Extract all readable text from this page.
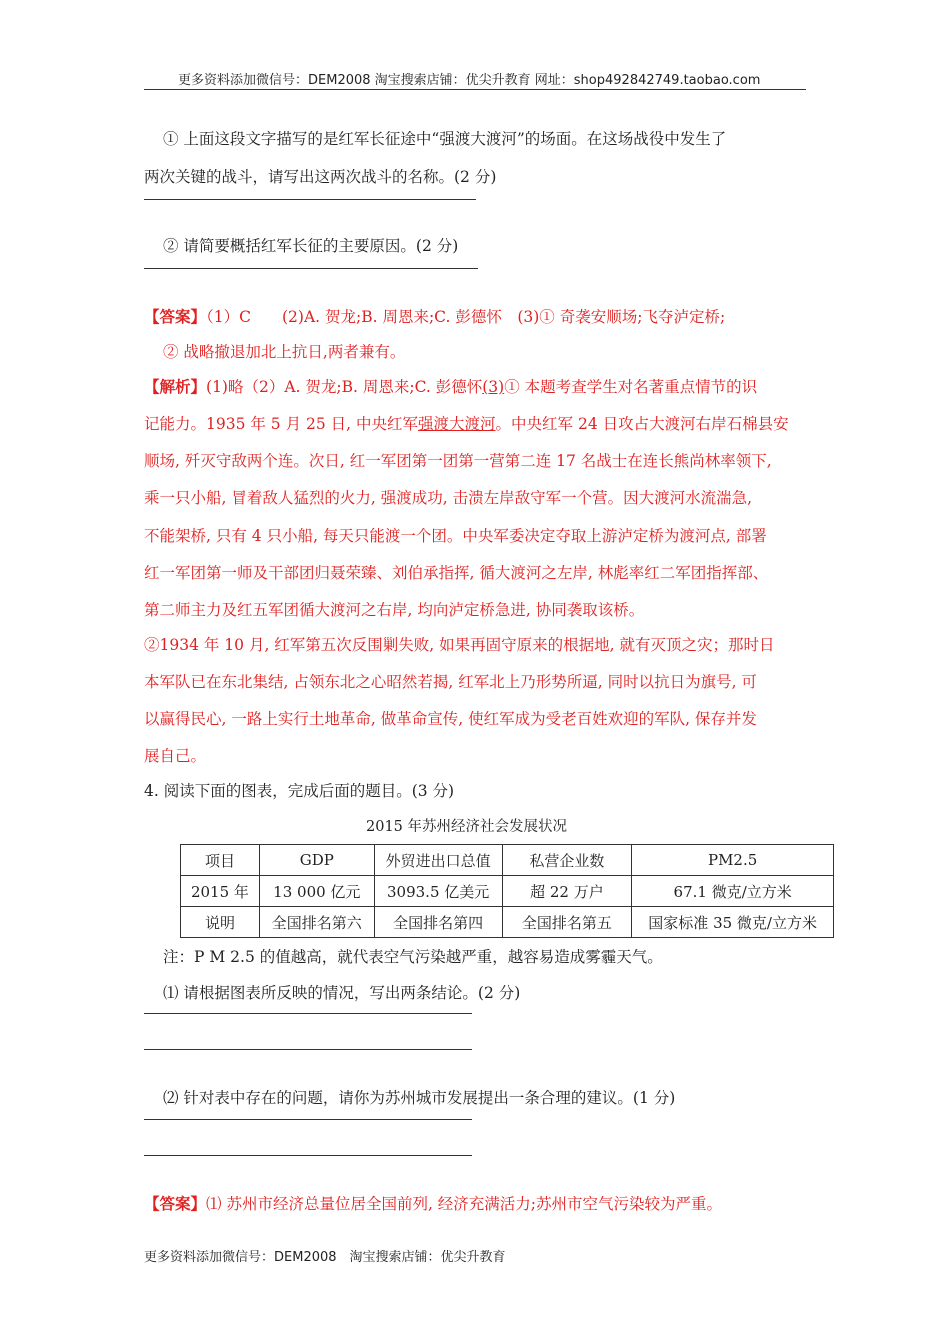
更多资料添加微信号：DEM2008 淘宝搜索店铺：优尖升教育 网址：shop492842749.taobao.com
① 上面这段文字描写的是红军长征途中“强渡大渡河”的场面。在这场战役中发生了
两次关键的战斗，请写出这两次战斗的名称。(2 分)
② 请简要概括红军长征的主要原因。(2 分)
【答案】（1）C　　(2)A. 贺龙;B. 周恩来;C. 彭德怀　(3)① 奇袭安顺场;飞夺泸定桥;
② 战略撤退加北上抗日,两者兼有。
【解析】(1)略（2）A. 贺龙;B. 周恩来;C. 彭德怀(3)① 本题考查学生对名著重点情节的识
记能力。1935 年 5 月 25 日, 中央红军强渡大渡河。中央红军 24 日攻占大渡河右岸石棉县安
顺场, 歼灭守敌两个连。次日, 红一军团第一团第一营第二连 17 名战士在连长熊尚林率领下,
乘一只小船, 冒着敌人猛烈的火力, 强渡成功, 击溃左岸敌守军一个营。因大渡河水流湍急,
不能架桥, 只有 4 只小船, 每天只能渡一个团。中央军委决定夺取上游泸定桥为渡河点, 部署
红一军团第一师及干部团归聂荣臻、刘伯承指挥, 循大渡河之左岸, 林彪率红二军团指挥部、
第二师主力及红五军团循大渡河之右岸, 均向泸定桥急进, 协同袭取该桥。
②1934 年 10 月, 红军第五次反围剿失败, 如果再固守原来的根据地, 就有灭顶之灾；那时日
本军队已在东北集结, 占领东北之心昭然若揭, 红军北上乃形势所逼, 同时以抗日为旗号, 可
以赢得民心, 一路上实行土地革命, 做革命宣传, 使红军成为受老百姓欢迎的军队, 保存并发
展自己。
4. 阅读下面的图表，完成后面的题目。(3 分)
2015 年苏州经济社会发展状况
项目	GDP	外贸进出口总值	私营企业数	PM2.5
2015 年	13 000 亿元	3093.5 亿美元	超 22 万户	67.1 微克/立方米
说明	全国排名第六	全国排名第四	全国排名第五	国家标准 35 微克/立方米
注：P M 2.5 的值越高，就代表空气污染越严重，越容易造成雾霾天气。
⑴ 请根据图表所反映的情况，写出两条结论。(2 分)
⑵ 针对表中存在的问题，请你为苏州城市发展提出一条合理的建议。(1 分)
【答案】⑴ 苏州市经济总量位居全国前列, 经济充满活力;苏州市空气污染较为严重。
更多资料添加微信号：DEM2008　淘宝搜索店铺：优尖升教育
